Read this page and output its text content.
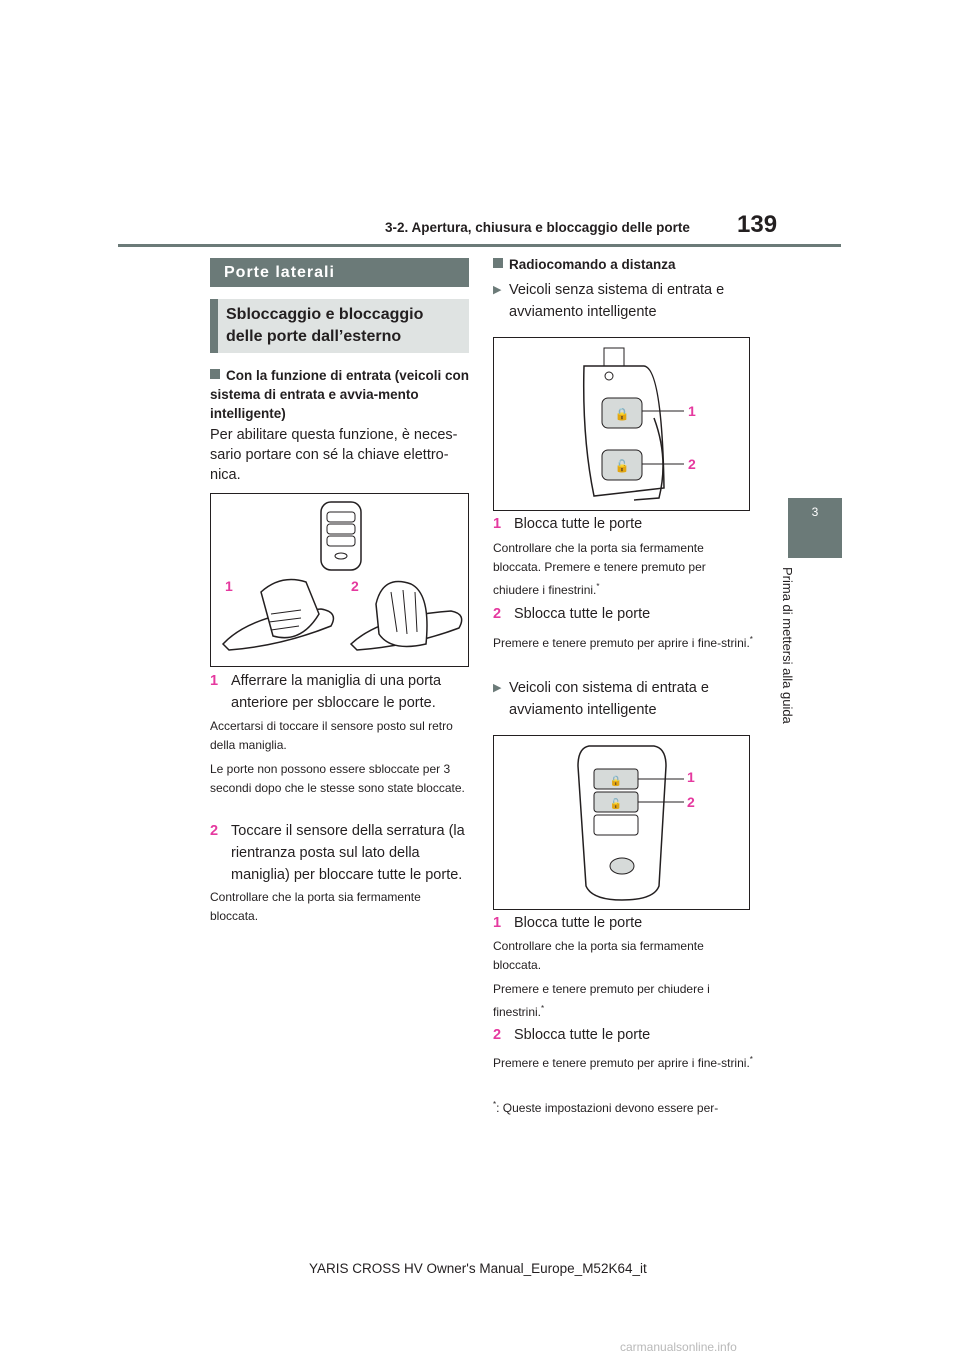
3-2. Apertura, chiusura e bloccaggio delle porte 139
3
Prima di mettersi alla guida
Porte laterali
Sbloccaggio e bloccaggio delle porte dall’esterno
Con la funzione di entrata (veicoli con sistema di entrata e avvia-mento intelligente)
Per abilitare questa funzione, è neces-sario portare con sé la chiave elettro-nica.
1	2
1 Afferrare la maniglia di una porta anteriore per sbloccare le porte.
Accertarsi di toccare il sensore posto sul retro della maniglia.
Le porte non possono essere sbloccate per 3 secondi dopo che le stesse sono state bloccate.
2 Toccare il sensore della serratura (la rientranza posta sul lato della maniglia) per bloccare tutte le porte.
Controllare che la porta sia fermamente bloccata.
Radiocomando a distanza
▶ Veicoli senza sistema di entrata e avviamento intelligente
🔒
🔓
1
2
1 Blocca tutte le porte
Controllare che la porta sia fermamente bloccata. Premere e tenere premuto per chiudere i finestrini.*
2 Sblocca tutte le porte
Premere e tenere premuto per aprire i fine-strini.*
▶ Veicoli con sistema di entrata e avviamento intelligente
🔒
🔓
1
2
1 Blocca tutte le porte
Controllare che la porta sia fermamente bloccata.
Premere e tenere premuto per chiudere i finestrini.*
2 Sblocca tutte le porte
Premere e tenere premuto per aprire i fine-strini.*
*: Queste impostazioni devono essere per-
YARIS CROSS HV Owner's Manual_Europe_M52K64_it
carmanualsonline.info
